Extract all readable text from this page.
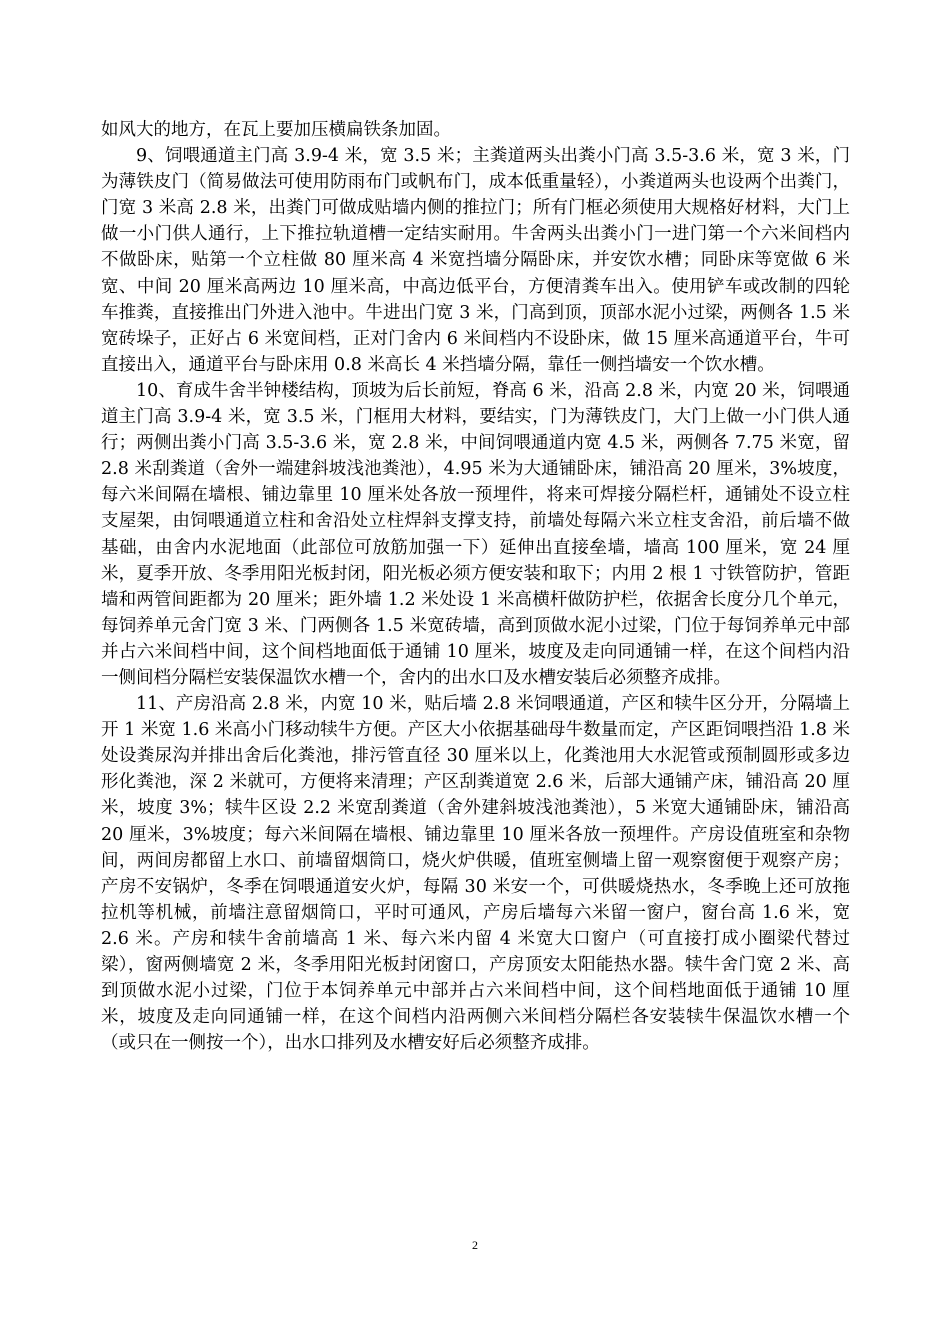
如风大的地方，在瓦上要加压横扁铁条加固。

9、饲喂通道主门高 3.9-4 米，宽 3.5 米；主粪道两头出粪小门高 3.5-3.6 米，宽 3 米，门为薄铁皮门（简易做法可使用防雨布门或帆布门，成本低重量轻），小粪道两头也设两个出粪门，门宽 3 米高 2.8 米，出粪门可做成贴墙内侧的推拉门；所有门框必须使用大规格好材料，大门上做一小门供人通行，上下推拉轨道槽一定结实耐用。牛舍两头出粪小门一进门第一个六米间档内不做卧床，贴第一个立柱做 80 厘米高 4 米宽挡墙分隔卧床，并安饮水槽；同卧床等宽做 6 米宽、中间 20 厘米高两边 10 厘米高，中高边低平台，方便清粪车出入。使用铲车或改制的四轮车推粪，直接推出门外进入池中。牛进出门宽 3 米，门高到顶，顶部水泥小过梁，两侧各 1.5 米宽砖垛子，正好占 6 米宽间档，正对门舍内 6 米间档内不设卧床，做 15 厘米高通道平台，牛可直接出入，通道平台与卧床用 0.8 米高长 4 米挡墙分隔，靠任一侧挡墙安一个饮水槽。

10、育成牛舍半钟楼结构，顶坡为后长前短，脊高 6 米，沿高 2.8 米，内宽 20 米，饲喂通道主门高 3.9-4 米，宽 3.5 米，门框用大材料，要结实，门为薄铁皮门，大门上做一小门供人通行；两侧出粪小门高 3.5-3.6 米，宽 2.8 米，中间饲喂通道内宽 4.5 米，两侧各 7.75 米宽，留 2.8 米刮粪道（舍外一端建斜坡浅池粪池），4.95 米为大通铺卧床，铺沿高 20 厘米，3%坡度，每六米间隔在墙根、铺边靠里 10 厘米处各放一预埋件，将来可焊接分隔栏杆，通铺处不设立柱支屋架，由饲喂通道立柱和舍沿处立柱焊斜支撑支持，前墙处每隔六米立柱支舍沿，前后墙不做基础，由舍内水泥地面（此部位可放筋加强一下）延伸出直接垒墙，墙高 100 厘米，宽 24 厘米，夏季开放、冬季用阳光板封闭，阳光板必须方便安装和取下；内用 2 根 1 寸铁管防护，管距墙和两管间距都为 20 厘米；距外墙 1.2 米处设 1 米高横杆做防护栏，依据舍长度分几个单元，每饲养单元舍门宽 3 米、门两侧各 1.5 米宽砖墙，高到顶做水泥小过梁，门位于每饲养单元中部并占六米间档中间，这个间档地面低于通铺 10 厘米，坡度及走向同通铺一样，在这个间档内沿一侧间档分隔栏安装保温饮水槽一个，舍内的出水口及水槽安装后必须整齐成排。

11、产房沿高 2.8 米，内宽 10 米，贴后墙 2.8 米饲喂通道，产区和犊牛区分开，分隔墙上开 1 米宽 1.6 米高小门移动犊牛方便。产区大小依据基础母牛数量而定，产区距饲喂挡沿 1.8 米处设粪尿沟并排出舍后化粪池，排污管直径 30 厘米以上，化粪池用大水泥管或预制圆形或多边形化粪池，深 2 米就可，方便将来清理；产区刮粪道宽 2.6 米，后部大通铺产床，铺沿高 20 厘米，坡度 3%；犊牛区设 2.2 米宽刮粪道（舍外建斜坡浅池粪池），5 米宽大通铺卧床，铺沿高 20 厘米，3%坡度；每六米间隔在墙根、铺边靠里 10 厘米各放一预埋件。产房设值班室和杂物间，两间房都留上水口、前墙留烟筒口，烧火炉供暖，值班室侧墙上留一观察窗便于观察产房；产房不安锅炉，冬季在饲喂通道安火炉，每隔 30 米安一个，可供暖烧热水，冬季晚上还可放拖拉机等机械，前墙注意留烟筒口，平时可通风，产房后墙每六米留一窗户，窗台高 1.6 米，宽 2.6 米。产房和犊牛舍前墙高 1 米、每六米内留 4 米宽大口窗户（可直接打成小圈梁代替过梁），窗两侧墙宽 2 米，冬季用阳光板封闭窗口，产房顶安太阳能热水器。犊牛舍门宽 2 米、高到顶做水泥小过梁，门位于本饲养单元中部并占六米间档中间，这个间档地面低于通铺 10 厘米，坡度及走向同通铺一样，在这个间档内沿两侧六米间档分隔栏各安装犊牛保温饮水槽一个（或只在一侧按一个），出水口排列及水槽安好后必须整齐成排。

2
